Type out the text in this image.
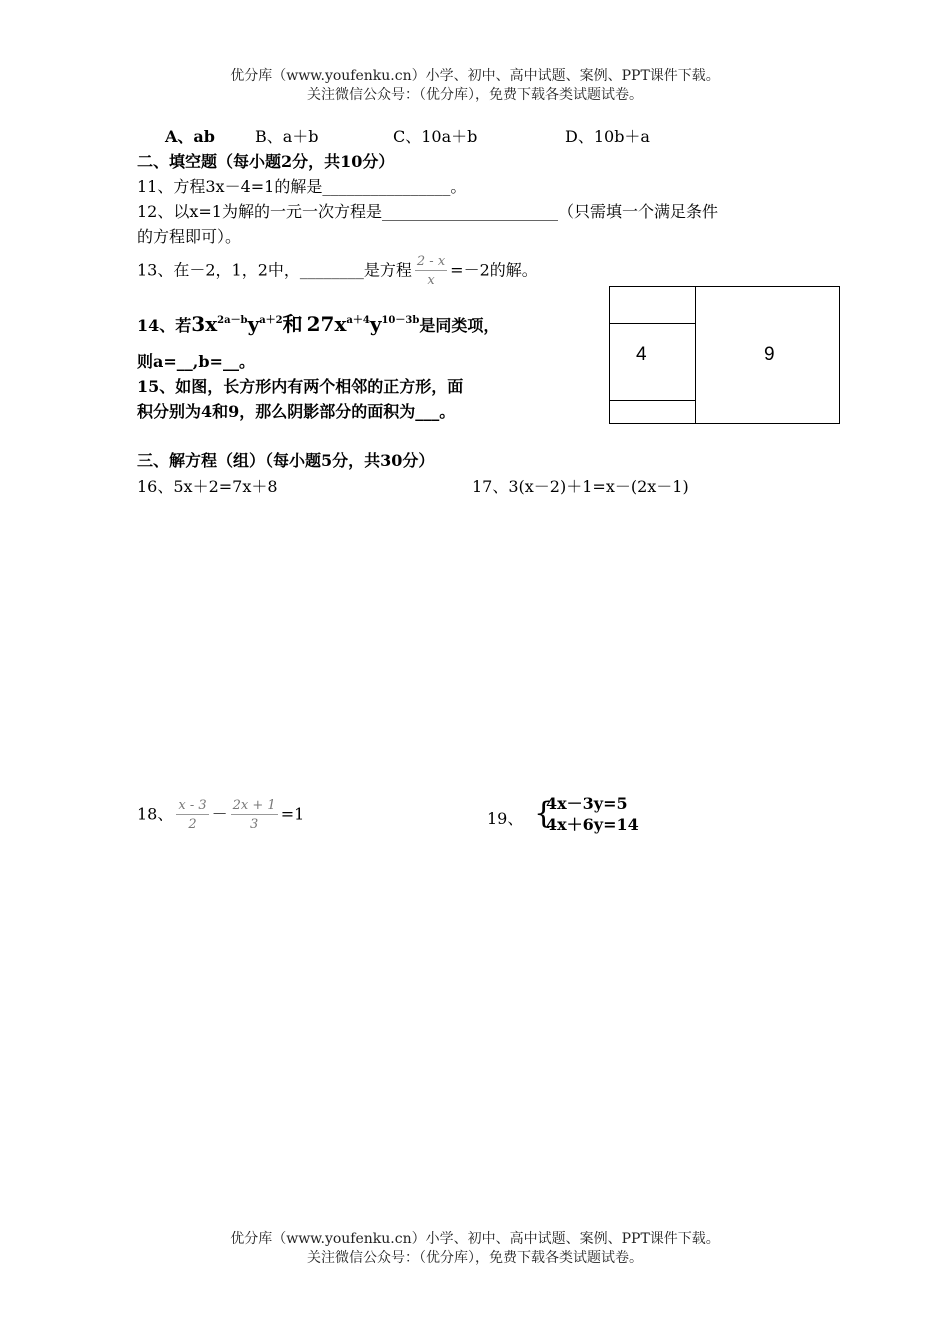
优分库（www.youfenku.cn）小学、初中、高中试题、案例、PPT课件下载。
关注微信公众号：（优分库），免费下载各类试题试卷。
A、ab	B、a＋b	C、10a＋b	D、10b＋a
二、填空题（每小题2分，共10分）
11、方程3x－4=1的解是________________。
12、以x=1为解的一元一次方程是______________________（只需填一个满足条件
的方程即可）。
13、在－2，1，2中，________是方程 $\frac{2 - x}{x} =-2$的解。
14、若$3x^{2a-b}y^{a+2}$和 $27x^{a+4}y^{10-3b}$是同类项，
则a=__,b=__。
15、如图，长方形内有两个相邻的正方形，面
积分别为4和9，那么阴影部分的面积为___。
4	9
三、解方程（组）（每小题5分，共30分）
16、5x＋2=7x＋8	17、3(x－2)＋1=x－(2x－1)
18、 $\frac{x - 3}{2} - \frac{2x + 1}{3} =1$	19、 {
4x－3y=5
4x＋6y=14
优分库（www.youfenku.cn）小学、初中、高中试题、案例、PPT课件下载。
关注微信公众号：（优分库），免费下载各类试题试卷。
